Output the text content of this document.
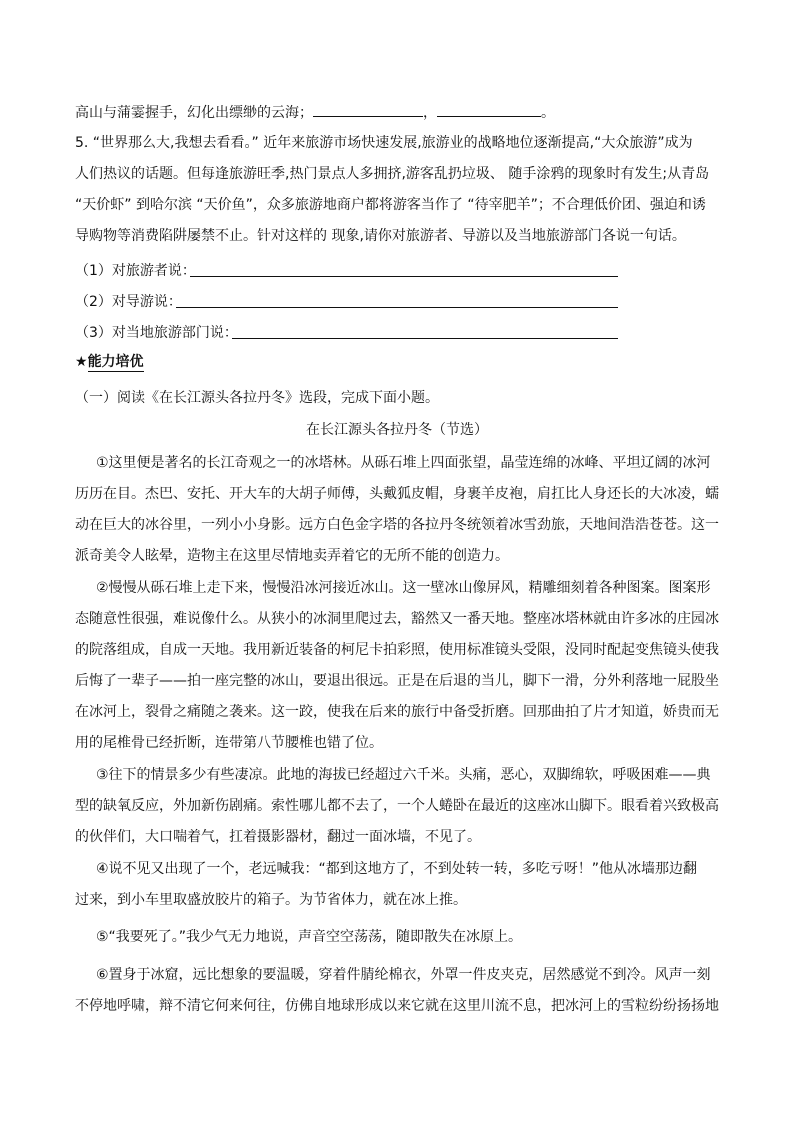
高山与蒲霎握手，幻化出缥缈的云海；	，	。
5. “世界那么大,我想去看看。” 近年来旅游市场快速发展,旅游业的战略地位逐渐提高,“大众旅游”成为
人们热议的话题。但每逢旅游旺季,热门景点人多拥挤,游客乱扔垃圾、 随手涂鸦的现象时有发生;从青岛
“天价虾” 到哈尔滨 “天价鱼”，众多旅游地商户都将游客当作了 “待宰肥羊”；不合理低价团、强迫和诱
导购物等消费陷阱屡禁不止。针对这样的 现象,请你对旅游者、导游以及当地旅游部门各说一句话。
（1）对旅游者说：
（2）对导游说：
（3）对当地旅游部门说：
★能力培优
（一）阅读《在长江源头各拉丹冬》选段，完成下面小题。
在长江源头各拉丹冬（节选）
①这里便是著名的长江奇观之一的冰塔林。从砾石堆上四面张望，晶莹连绵的冰峰、平坦辽阔的冰河
历历在目。杰巴、安托、开大车的大胡子师傅，头戴狐皮帽，身裹羊皮袍，肩扛比人身还长的大冰凌，蠕
动在巨大的冰谷里，一列小小身影。远方白色金字塔的各拉丹冬统领着冰雪劲旅，天地间浩浩苍苍。这一
派奇美令人眩晕，造物主在这里尽情地卖弄着它的无所不能的创造力。
②慢慢从砾石堆上走下来，慢慢沿冰河接近冰山。这一壁冰山像屏风，精雕细刻着各种图案。图案形
态随意性很强，难说像什么。从狭小的冰洞里爬过去，豁然又一番天地。整座冰塔林就由许多冰的庄园冰
的院落组成，自成一天地。我用新近装备的柯尼卡拍彩照，使用标准镜头受限，没同时配起变焦镜头使我
后悔了一辈子——拍一座完整的冰山，要退出很远。正是在后退的当儿，脚下一滑，分外利落地一屁股坐
在冰河上，裂骨之痛随之袭来。这一跤，使我在后来的旅行中备受折磨。回那曲拍了片才知道，娇贵而无
用的尾椎骨已经折断，连带第八节腰椎也错了位。
③往下的情景多少有些凄凉。此地的海拔已经超过六千米。头痛，恶心，双脚绵软，呼吸困难——典
型的缺氧反应，外加新伤剧痛。索性哪儿都不去了，一个人蜷卧在最近的这座冰山脚下。眼看着兴致极高
的伙伴们，大口喘着气，扛着摄影器材，翻过一面冰墙，不见了。
④说不见又出现了一个，老远喊我：“都到这地方了，不到处转一转，多吃亏呀！”他从冰墙那边翻
过来，到小车里取盛放胶片的箱子。为节省体力，就在冰上推。
⑤“我要死了。”我少气无力地说，声音空空荡荡，随即散失在冰原上。
⑥置身于冰窟，远比想象的要温暖，穿着件腈纶棉衣，外罩一件皮夹克，居然感觉不到冷。风声一刻
不停地呼啸，辩不清它何来何往，仿佛自地球形成以来它就在这里川流不息，把冰河上的雪粒纷纷扬扬地
